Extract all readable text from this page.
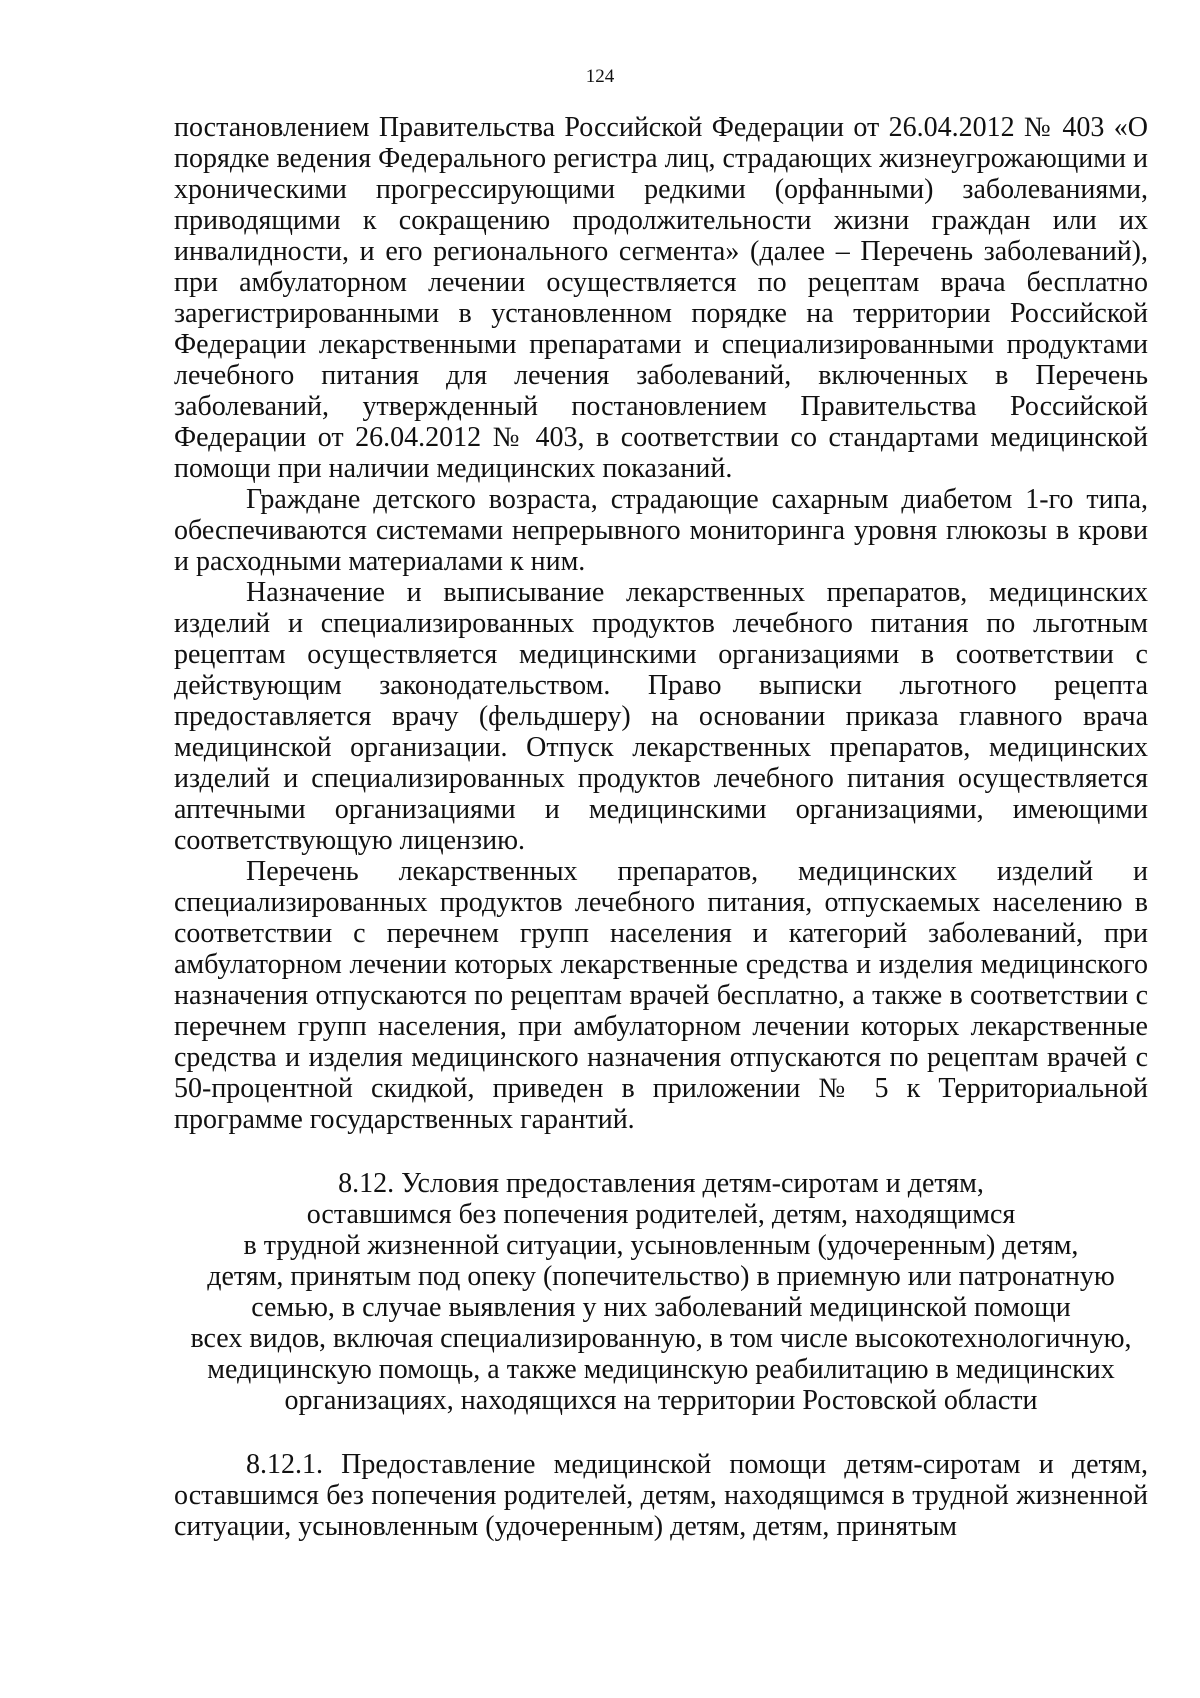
124

постановлением Правительства Российской Федерации от 26.04.2012 № 403 «О порядке ведения Федерального регистра лиц, страдающих жизнеугрожающими и хроническими прогрессирующими редкими (орфанными) заболеваниями, приводящими к сокращению продолжительности жизни граждан или их инвалидности, и его регионального сегмента» (далее – Перечень заболеваний), при амбулаторном лечении осуществляется по рецептам врача бесплатно зарегистрированными в установленном порядке на территории Российской Федерации лекарственными препаратами и специализированными продуктами лечебного питания для лечения заболеваний, включенных в Перечень заболеваний, утвержденный постановлением Правительства Российской Федерации от 26.04.2012 № 403, в соответствии со стандартами медицинской помощи при наличии медицинских показаний.

Граждане детского возраста, страдающие сахарным диабетом 1-го типа, обеспечиваются системами непрерывного мониторинга уровня глюкозы в крови и расходными материалами к ним.

Назначение и выписывание лекарственных препаратов, медицинских изделий и специализированных продуктов лечебного питания по льготным рецептам осуществляется медицинскими организациями в соответствии с действующим законодательством. Право выписки льготного рецепта предоставляется врачу (фельдшеру) на основании приказа главного врача медицинской организации. Отпуск лекарственных препаратов, медицинских изделий и специализированных продуктов лечебного питания осуществляется аптечными организациями и медицинскими организациями, имеющими соответствующую лицензию.

Перечень лекарственных препаратов, медицинских изделий и специализированных продуктов лечебного питания, отпускаемых населению в соответствии с перечнем групп населения и категорий заболеваний, при амбулаторном лечении которых лекарственные средства и изделия медицинского назначения отпускаются по рецептам врачей бесплатно, а также в соответствии с перечнем групп населения, при амбулаторном лечении которых лекарственные средства и изделия медицинского назначения отпускаются по рецептам врачей с 50-процентной скидкой, приведен в приложении № 5 к Территориальной программе государственных гарантий.

8.12. Условия предоставления детям-сиротам и детям,
оставшимся без попечения родителей, детям, находящимся
в трудной жизненной ситуации, усыновленным (удочеренным) детям,
детям, принятым под опеку (попечительство) в приемную или патронатную
семью, в случае выявления у них заболеваний медицинской помощи
всех видов, включая специализированную, в том числе высокотехнологичную,
медицинскую помощь, а также медицинскую реабилитацию в медицинских
организациях, находящихся на территории Ростовской области

8.12.1. Предоставление медицинской помощи детям-сиротам и детям, оставшимся без попечения родителей, детям, находящимся в трудной жизненной ситуации, усыновленным (удочеренным) детям, детям, принятым
